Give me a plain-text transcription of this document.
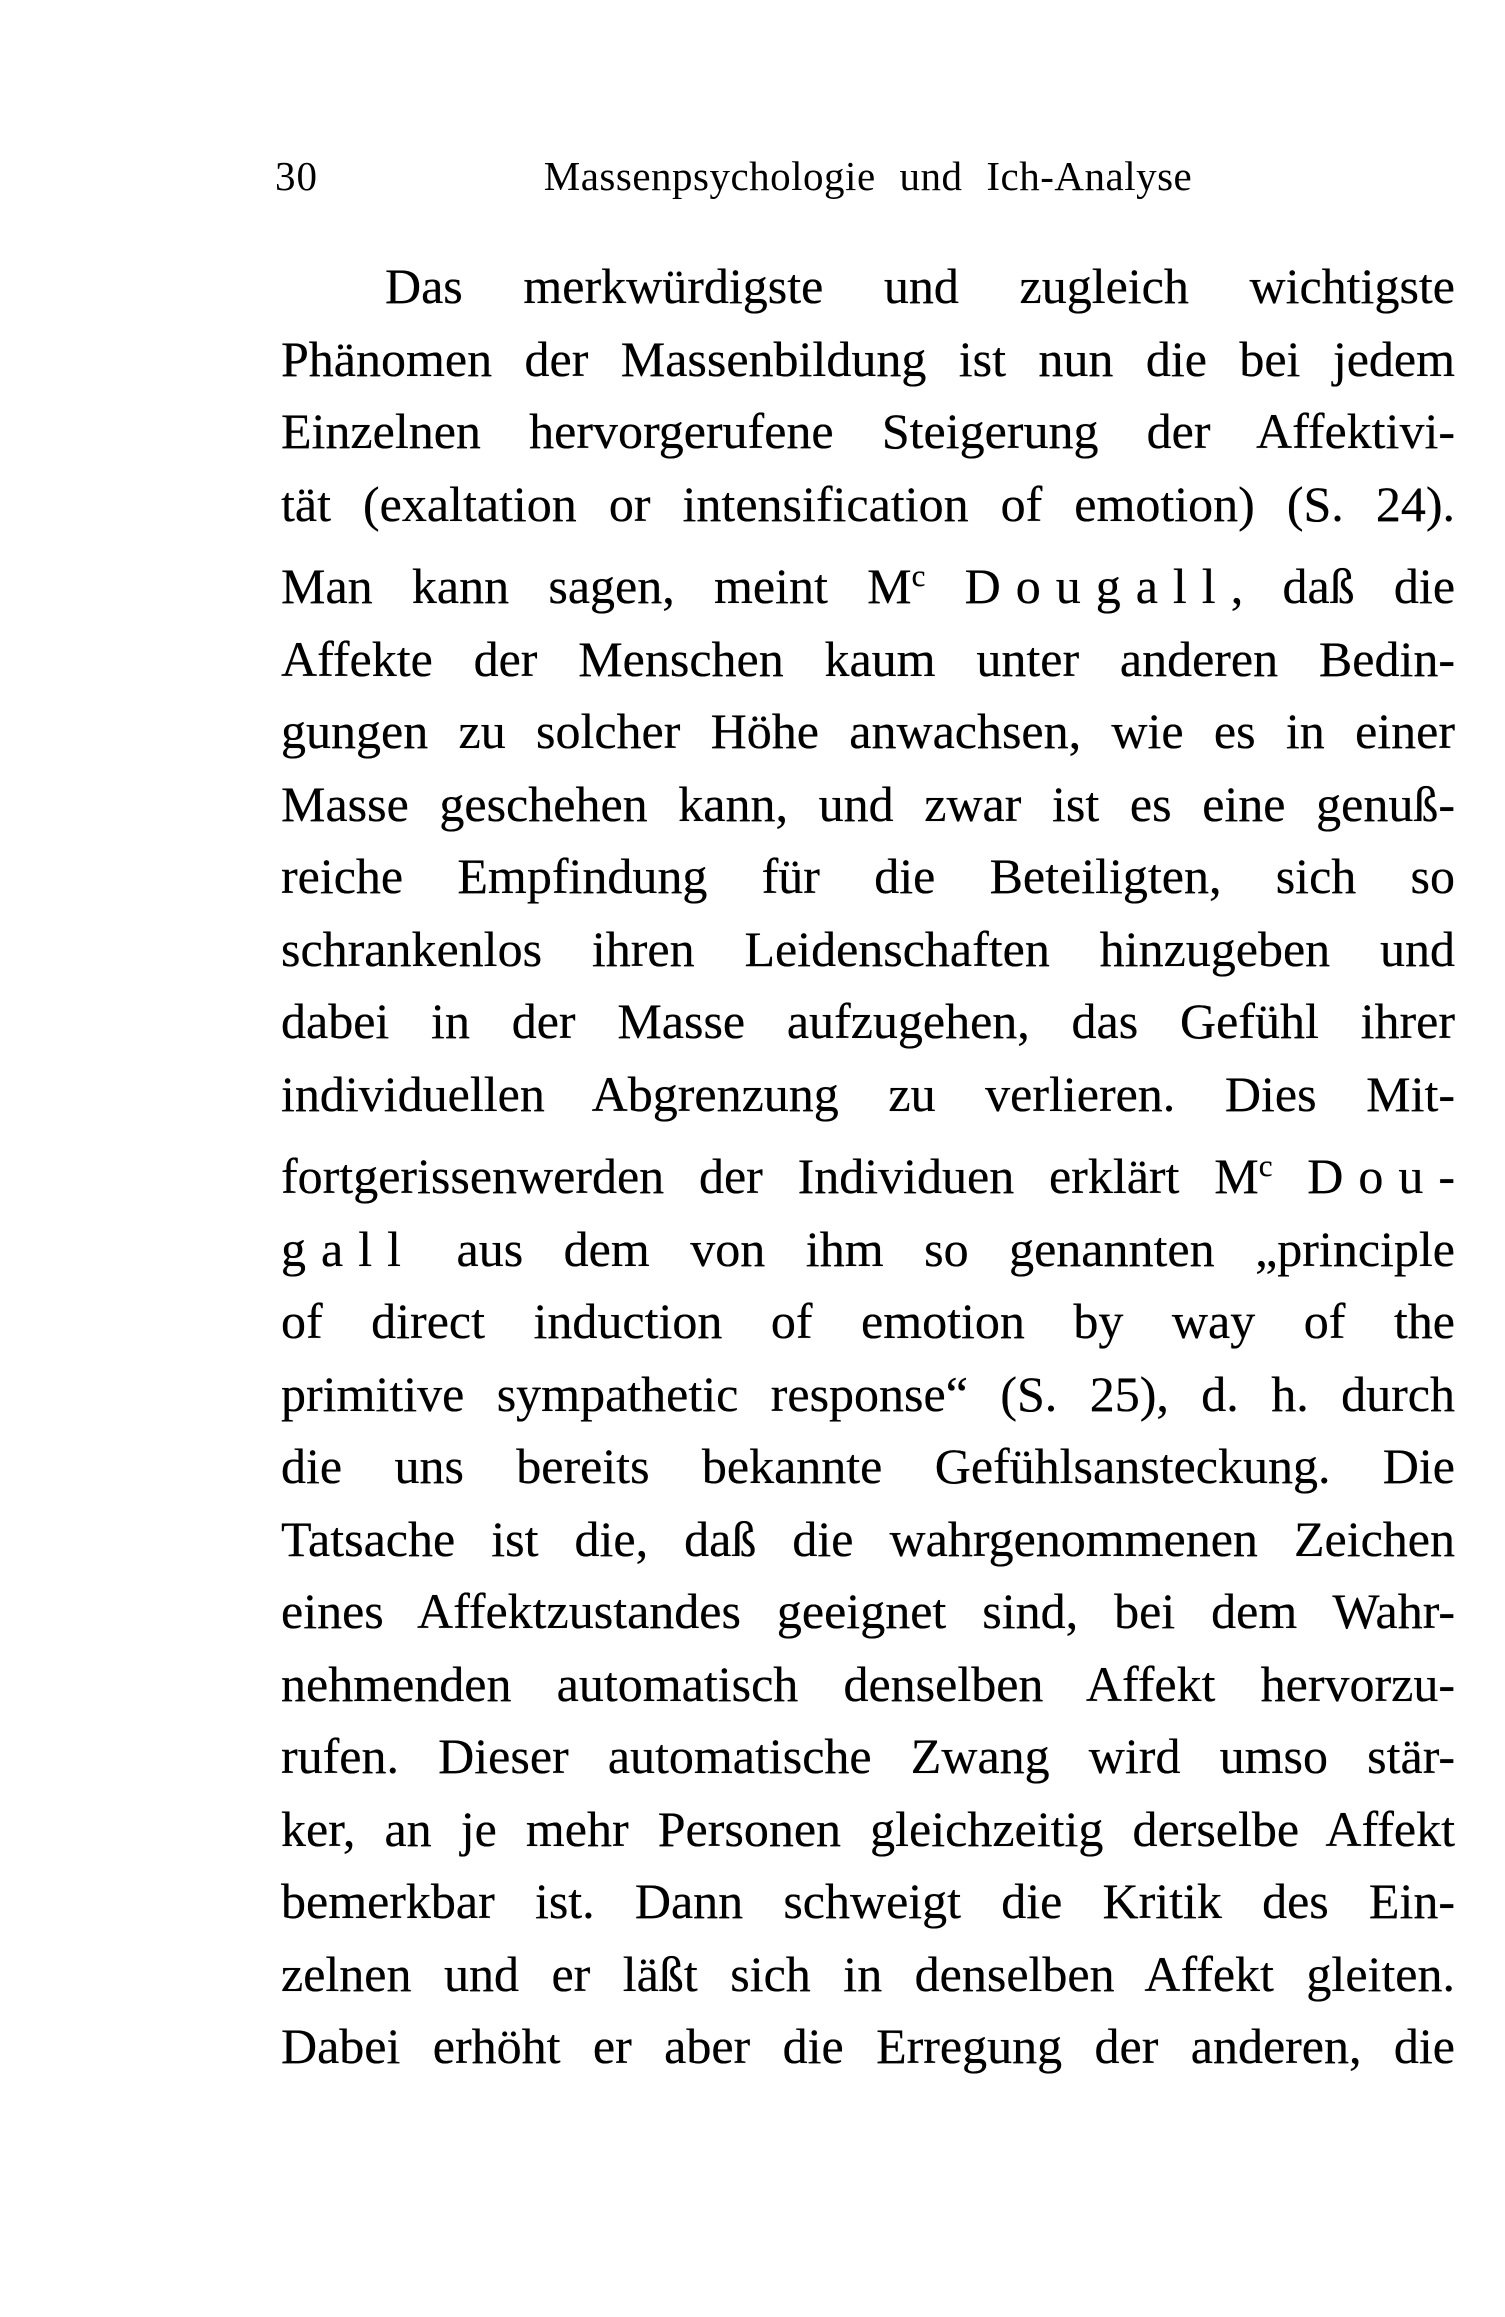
30	Massenpsychologie und Ich-Analyse
Das merkwürdigste und zugleich wichtigste
Phänomen der Massenbildung ist nun die bei jedem
Einzelnen hervorgerufene Steigerung der Affektivi-
tät (exaltation or intensification of emotion) (S. 24).
Man kann sagen, meint $M^c$ Dougall, daß die
Affekte der Menschen kaum unter anderen Bedin-
gungen zu solcher Höhe anwachsen, wie es in einer
Masse geschehen kann, und zwar ist es eine genuß-
reiche Empfindung für die Beteiligten, sich so
schrankenlos ihren Leidenschaften hinzugeben und
dabei in der Masse aufzugehen, das Gefühl ihrer
individuellen Abgrenzung zu verlieren. Dies Mit-
fortgerissenwerden der Individuen erklärt $M^c$ Dou-
gall aus dem von ihm so genannten „principle
of direct induction of emotion by way of the
primitive sympathetic response“ (S. 25), d. h. durch
die uns bereits bekannte Gefühlsansteckung. Die
Tatsache ist die, daß die wahrgenommenen Zeichen
eines Affektzustandes geeignet sind, bei dem Wahr-
nehmenden automatisch denselben Affekt hervorzu-
rufen. Dieser automatische Zwang wird umso stär-
ker, an je mehr Personen gleichzeitig derselbe Affekt
bemerkbar ist. Dann schweigt die Kritik des Ein-
zelnen und er läßt sich in denselben Affekt gleiten.
Dabei erhöht er aber die Erregung der anderen, die
